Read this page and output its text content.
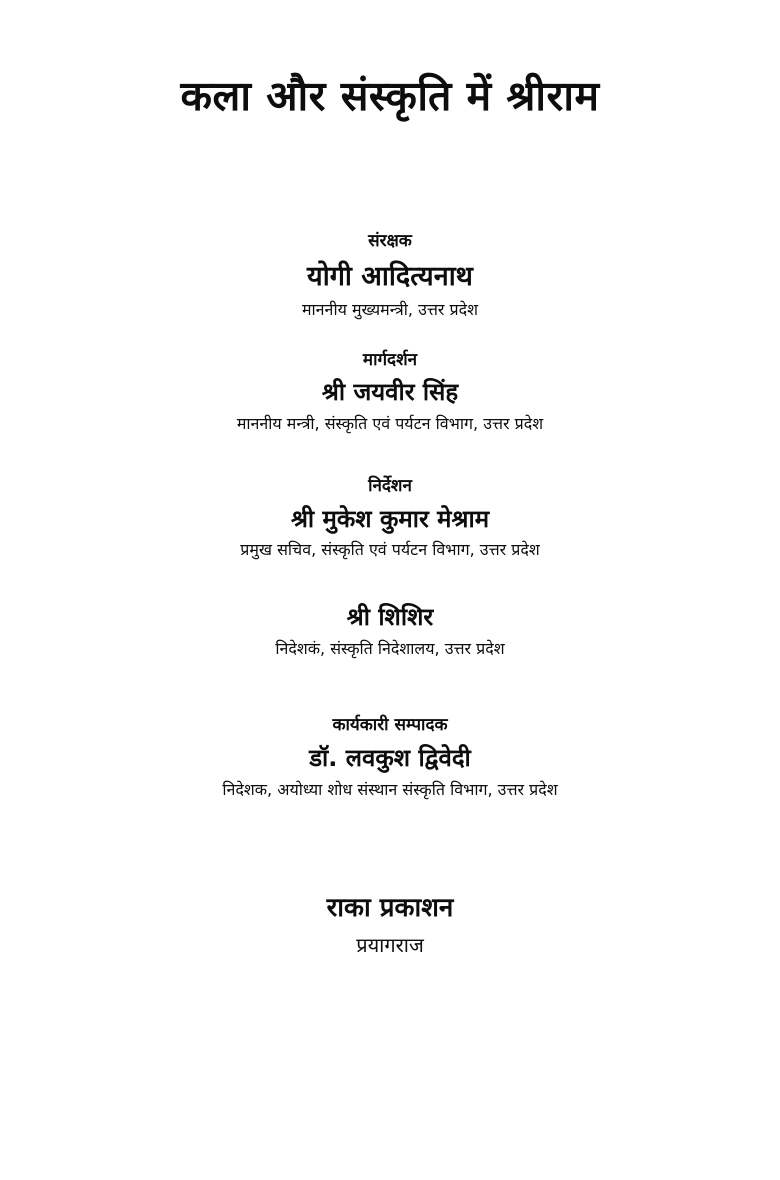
कला और संस्कृति में श्रीराम
संरक्षक
योगी आदित्यनाथ
माननीय मुख्यमन्त्री, उत्तर प्रदेश
मार्गदर्शन
श्री जयवीर सिंह
माननीय मन्त्री, संस्कृति एवं पर्यटन विभाग, उत्तर प्रदेश
निर्देशन
श्री मुकेश कुमार मेश्राम
प्रमुख सचिव, संस्कृति एवं पर्यटन विभाग, उत्तर प्रदेश
श्री शिशिर
निदेशकं, संस्कृति निदेशालय, उत्तर प्रदेश
कार्यकारी सम्पादक
डॉ. लवकुश द्विवेदी
निदेशक, अयोध्या शोध संस्थान संस्कृति विभाग, उत्तर प्रदेश
राका प्रकाशन
प्रयागराज
